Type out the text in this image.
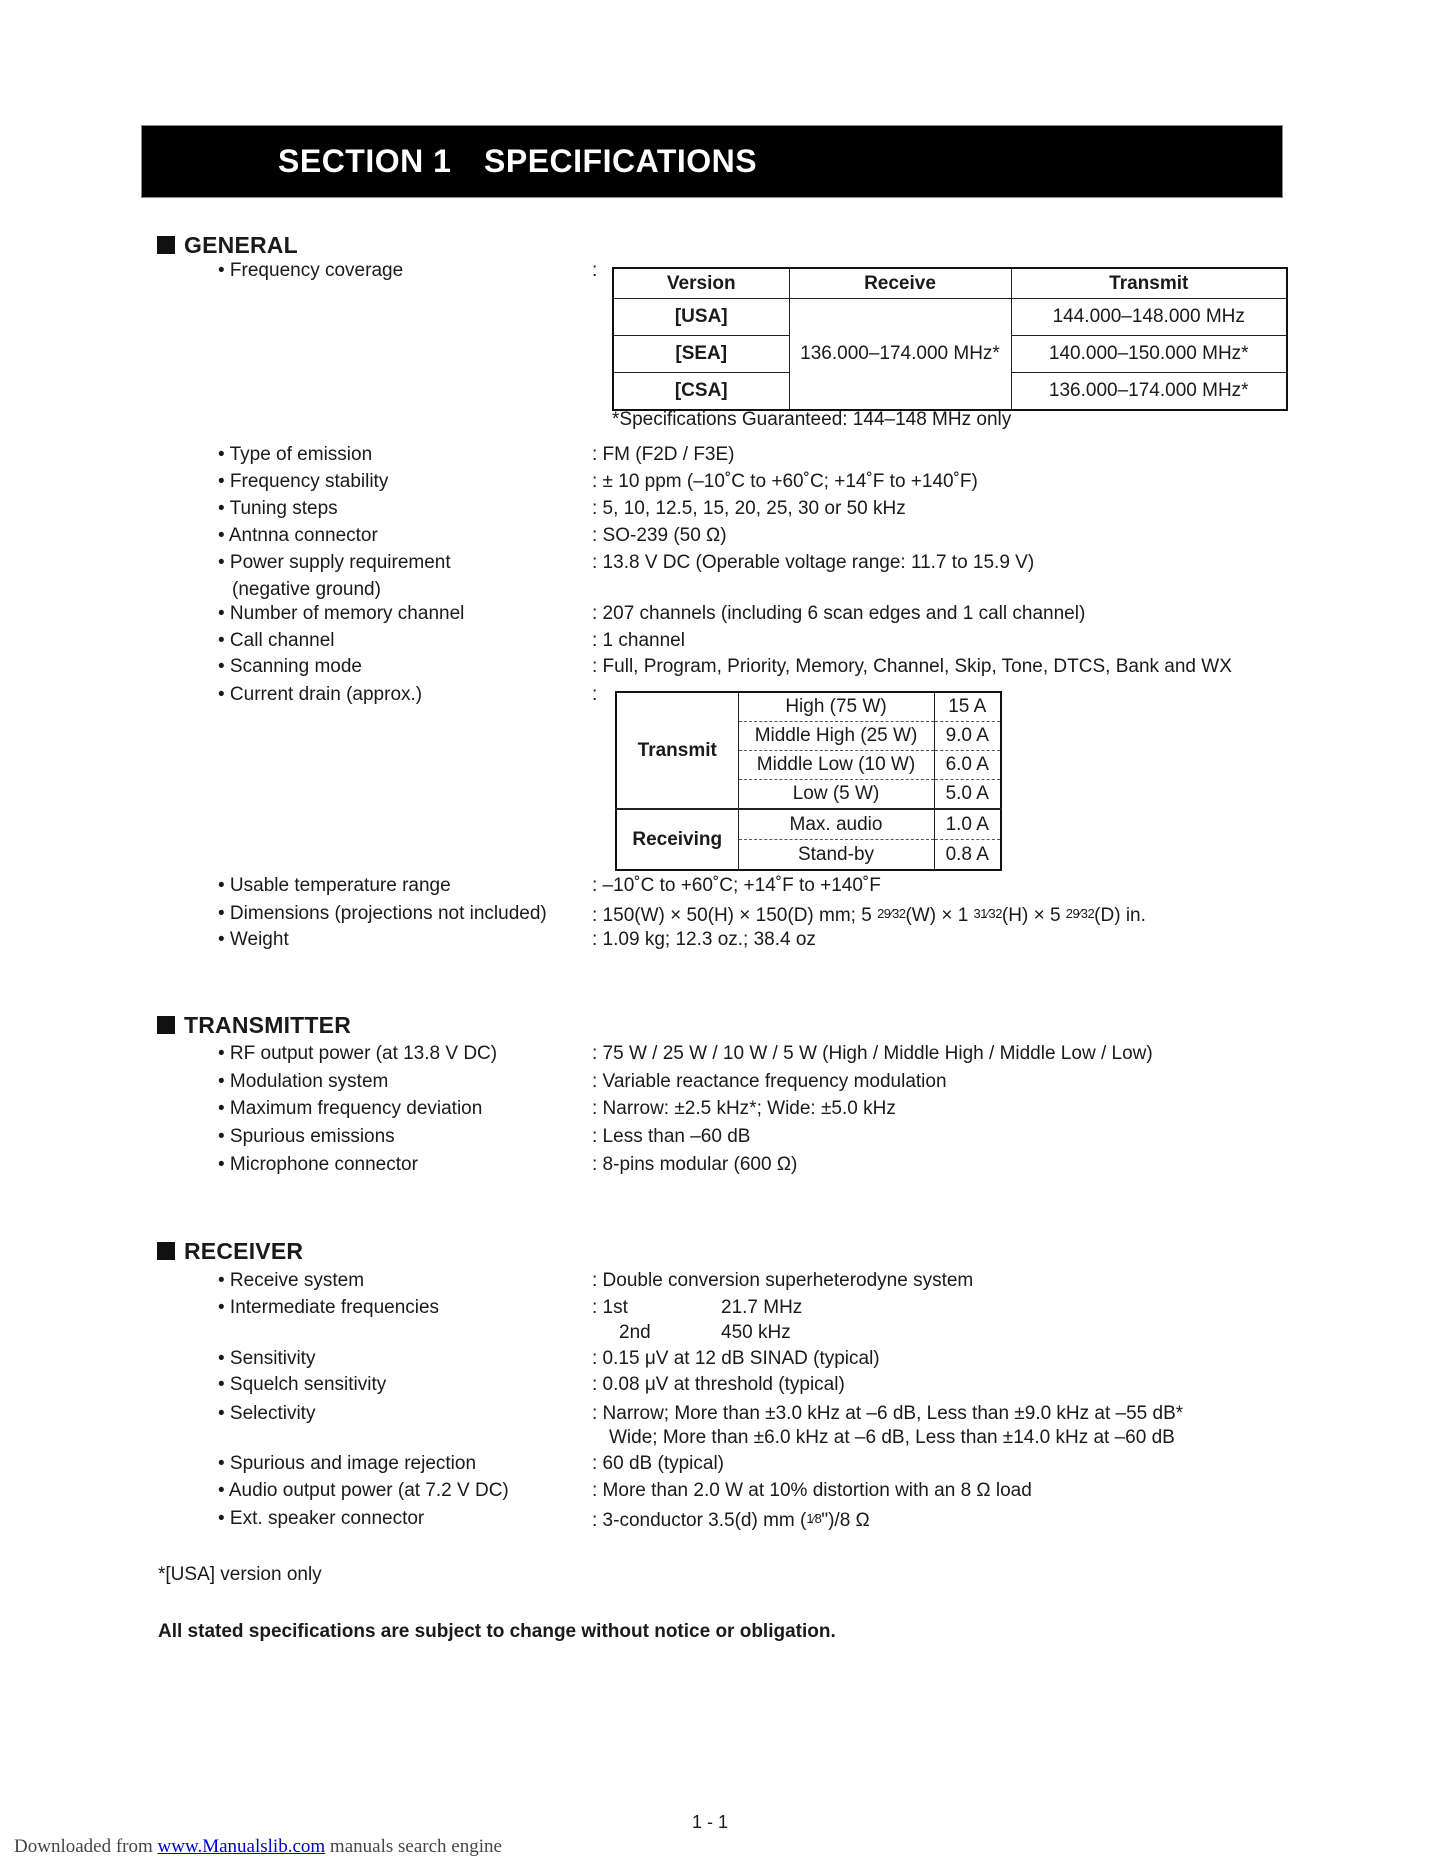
SECTION 1 SPECIFICATIONS
GENERAL
• Frequency coverage	:
Version	Receive	Transmit
[USA]	136.000–174.000 MHz*	144.000–148.000 MHz
[SEA]		140.000–150.000 MHz*
[CSA]		136.000–174.000 MHz*
*Specifications Guaranteed: 144–148 MHz only
• Type of emission	: FM (F2D / F3E)
• Frequency stability	: ± 10 ppm (–10˚C to +60˚C; +14˚F to +140˚F)
• Tuning steps	: 5, 10, 12.5, 15, 20, 25, 30 or 50 kHz
• Antnna connector	: SO-239 (50 Ω)
• Power supply requirement	: 13.8 V DC (Operable voltage range: 11.7 to 15.9 V)
(negative ground)
• Number of memory channel	: 207 channels (including 6 scan edges and 1 call channel)
• Call channel	: 1 channel
• Scanning mode	: Full, Program, Priority, Memory, Channel, Skip, Tone, DTCS, Bank and WX
• Current drain (approx.)	:
Transmit	High (75 W)	15 A
	Middle High (25 W)	9.0 A
	Middle Low (10 W)	6.0 A
	Low (5 W)	5.0 A
Receiving	Max. audio	1.0 A
	Stand-by	0.8 A
• Usable temperature range	: –10˚C to +60˚C; +14˚F to +140˚F
• Dimensions (projections not included) : 150(W) × 50(H) × 150(D) mm; 5 29⁄32(W) × 1 31⁄32(H) × 5 29⁄32(D) in.
• Weight	: 1.09 kg; 12.3 oz.; 38.4 oz
TRANSMITTER
• RF output power (at 13.8 V DC)	: 75 W / 25 W / 10 W / 5 W (High / Middle High / Middle Low / Low)
• Modulation system	: Variable reactance frequency modulation
• Maximum frequency deviation	: Narrow: ±2.5 kHz*; Wide: ±5.0 kHz
• Spurious emissions	: Less than –60 dB
• Microphone connector	: 8-pins modular (600 Ω)
RECEIVER
• Receive system	: Double conversion superheterodyne system
• Intermediate frequencies	: 1st	21.7 MHz
2nd	450 kHz
• Sensitivity	: 0.15 μV at 12 dB SINAD (typical)
• Squelch sensitivity	: 0.08 μV at threshold (typical)
• Selectivity	: Narrow; More than ±3.0 kHz at –6 dB, Less than ±9.0 kHz at –55 dB*
Wide; More than ±6.0 kHz at –6 dB, Less than ±14.0 kHz at –60 dB
• Spurious and image rejection	: 60 dB (typical)
• Audio output power (at 7.2 V DC)	: More than 2.0 W at 10% distortion with an 8 Ω load
• Ext. speaker connector	: 3-conductor 3.5(d) mm (1⁄8")/8 Ω
*[USA] version only
All stated specifications are subject to change without notice or obligation.
1 - 1
Downloaded from www.Manualslib.com manuals search engine
